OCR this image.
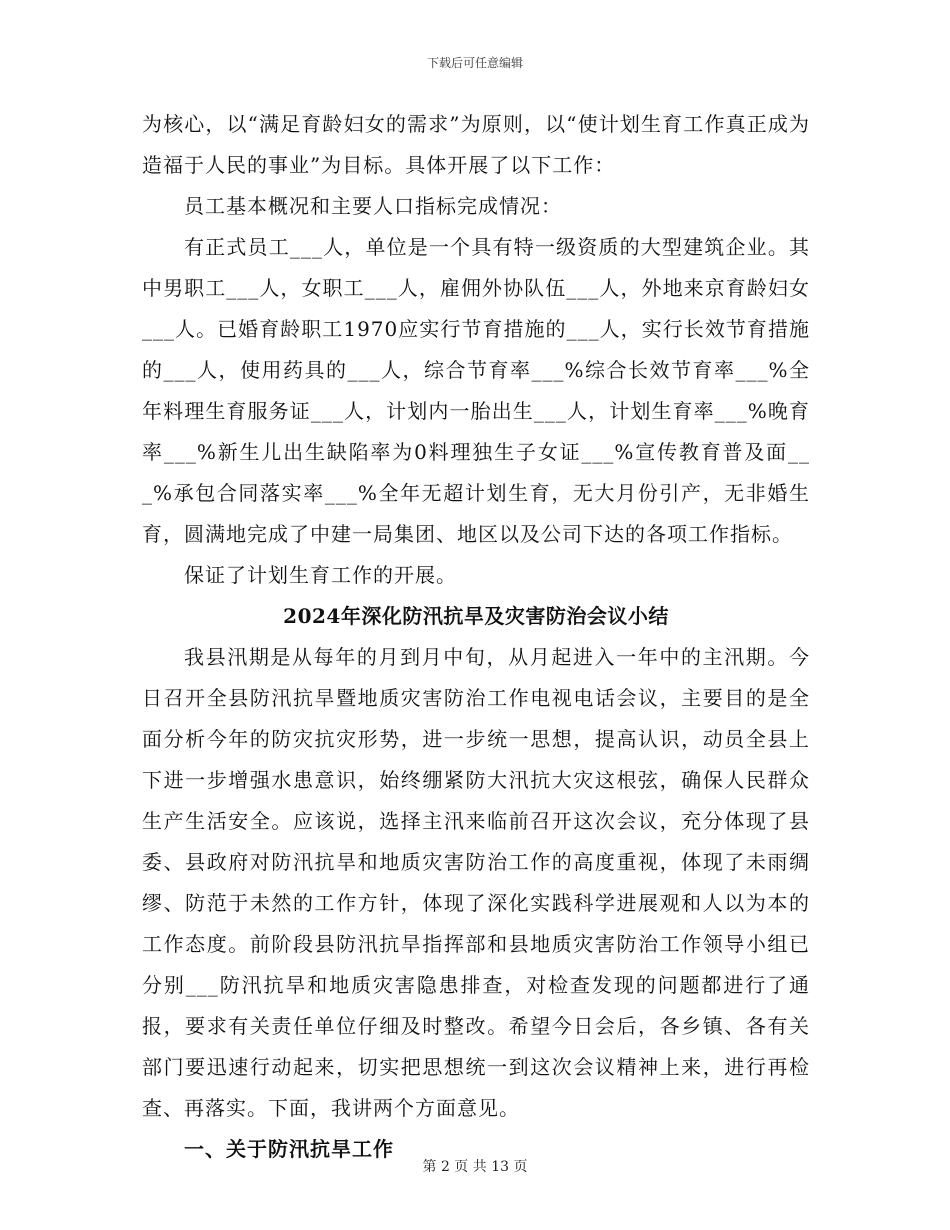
下载后可任意编辑

为核心，以“满足育龄妇女的需求”为原则，以“使计划生育工作真正成为造福于人民的事业”为目标。具体开展了以下工作：

员工基本概况和主要人口指标完成情况：

有正式员工___人，单位是一个具有特一级资质的大型建筑企业。其中男职工___人，女职工___人，雇佣外协队伍___人，外地来京育龄妇女___人。已婚育龄职工1970应实行节育措施的___人，实行长效节育措施的___人，使用药具的___人，综合节育率___%综合长效节育率___%全年料理生育服务证___人，计划内一胎出生___人，计划生育率___%晚育率___%新生儿出生缺陷率为0料理独生子女证___%宣传教育普及面___%承包合同落实率___%全年无超计划生育，无大月份引产，无非婚生育，圆满地完成了中建一局集团、地区以及公司下达的各项工作指标。

保证了计划生育工作的开展。

2024年深化防汛抗旱及灾害防治会议小结

我县汛期是从每年的月到月中旬，从月起进入一年中的主汛期。今日召开全县防汛抗旱暨地质灾害防治工作电视电话会议，主要目的是全面分析今年的防灾抗灾形势，进一步统一思想，提高认识，动员全县上下进一步增强水患意识，始终绷紧防大汛抗大灾这根弦，确保人民群众生产生活安全。应该说，选择主汛来临前召开这次会议，充分体现了县委、县政府对防汛抗旱和地质灾害防治工作的高度重视，体现了未雨绸缪、防范于未然的工作方针，体现了深化实践科学进展观和人以为本的工作态度。前阶段县防汛抗旱指挥部和县地质灾害防治工作领导小组已分别___防汛抗旱和地质灾害隐患排查，对检查发现的问题都进行了通报，要求有关责任单位仔细及时整改。希望今日会后，各乡镇、各有关部门要迅速行动起来，切实把思想统一到这次会议精神上来，进行再检查、再落实。下面，我讲两个方面意见。

一、关于防汛抗旱工作

第 2 页 共 13 页
